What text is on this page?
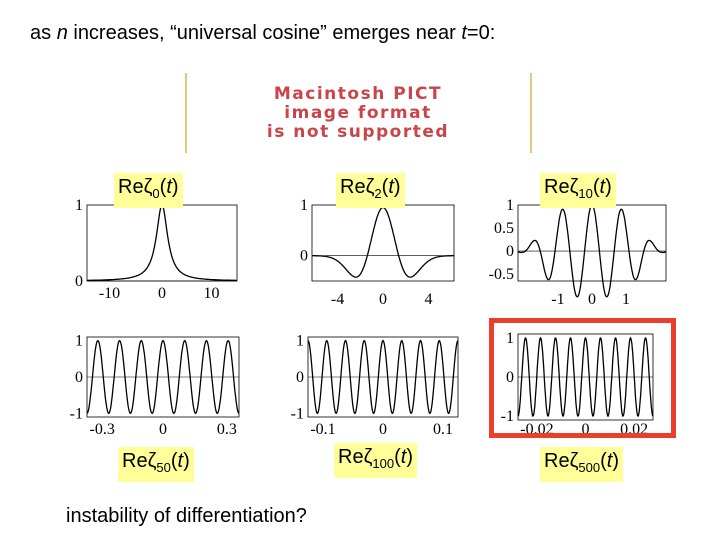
as n increases, “universal cosine” emerges near t=0:
Macintosh PICT
image format
is not supported
1
0
-10 0 10
1
0
-4 0 4
1
0.5
0
-0.5
-1 0 1
1
0
-1
-0.3	0	0.3
1
0
-1
-0.1	0	0.1
1
0
-1
-0.02 0 0.02
Reζ$_0$(t)	Reζ$_2$(t)	Reζ$_{10}$(t)
Reζ$_{50}$(t)	Reζ$_{100}$(t)	Reζ$_{500}$(t)
instability of differentiation?
